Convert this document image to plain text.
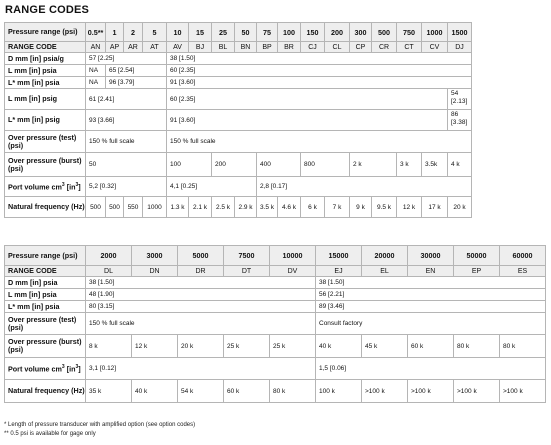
RANGE CODES
Pressure range (psi)	0.5**	1	2	5	10	15	25	50	75	100	150	200	300	500	750	1000	1500
RANGE CODE	AN	AP	AR	AT	AV	BJ	BL	BN	BP	BR	CJ	CL	CP	CR	CT	CV	DJ
D mm [in] psia/g	57 [2.25]				38 [1.50]												
L mm [in] psia	NA	65 [2.54]			60 [2.35]												
L* mm [in] psia	NA	96 [3.79]			91 [3.60]												
L mm [in] psig	61 [2.41]				60 [2.35]												54 [2.13]
L* mm [in] psig	93 [3.66]				91 [3.60]												86 [3.38]
Over pressure (test) (psi)	150 % full scale				150 % full scale												
Over pressure (burst) (psi)	50				100		200		400		800		2 k		3 k	3.5k	4 k
Port volume $cm^3$ $[in^3]$	5,2 [0.32]				4,1 [0.25]				2,8 [0.17]								
Natural frequency (Hz)	500	500	550	1000	1.3 k	2.1 k	2.5 k	2.9 k	3.5 k	4.6 k	6 k	7 k	9 k	9.5 k	12 k	17 k	20 k
Pressure range (psi)	2000	3000	5000	7500	10000	15000	20000	30000	50000	60000
RANGE CODE	DL	DN	DR	DT	DV	EJ	EL	EN	EP	ES
D mm [in] psia	38 [1.50]					38 [1.50]				
L mm [in] psia	48 [1.90]					56 [2.21]				
L* mm [in] psia	80 [3.15]					89 [3.46]				
Over pressure (test) (psi)	150 % full scale					Consult factory				
Over pressure (burst) (psi)	8 k	12 k	20 k	25 k	25 k	40 k	45 k	60 k	80 k	80 k
Port volume $cm^3$ $[in^3]$	3,1 [0.12]					1,5 [0.06]				
Natural frequency (Hz)	35 k	40 k	54 k	60 k	80 k	100 k	>100 k	>100 k	>100 k	>100 k
* Length of pressure transducer with amplified option (see option codes)
** 0.5 psi is available for gage only
